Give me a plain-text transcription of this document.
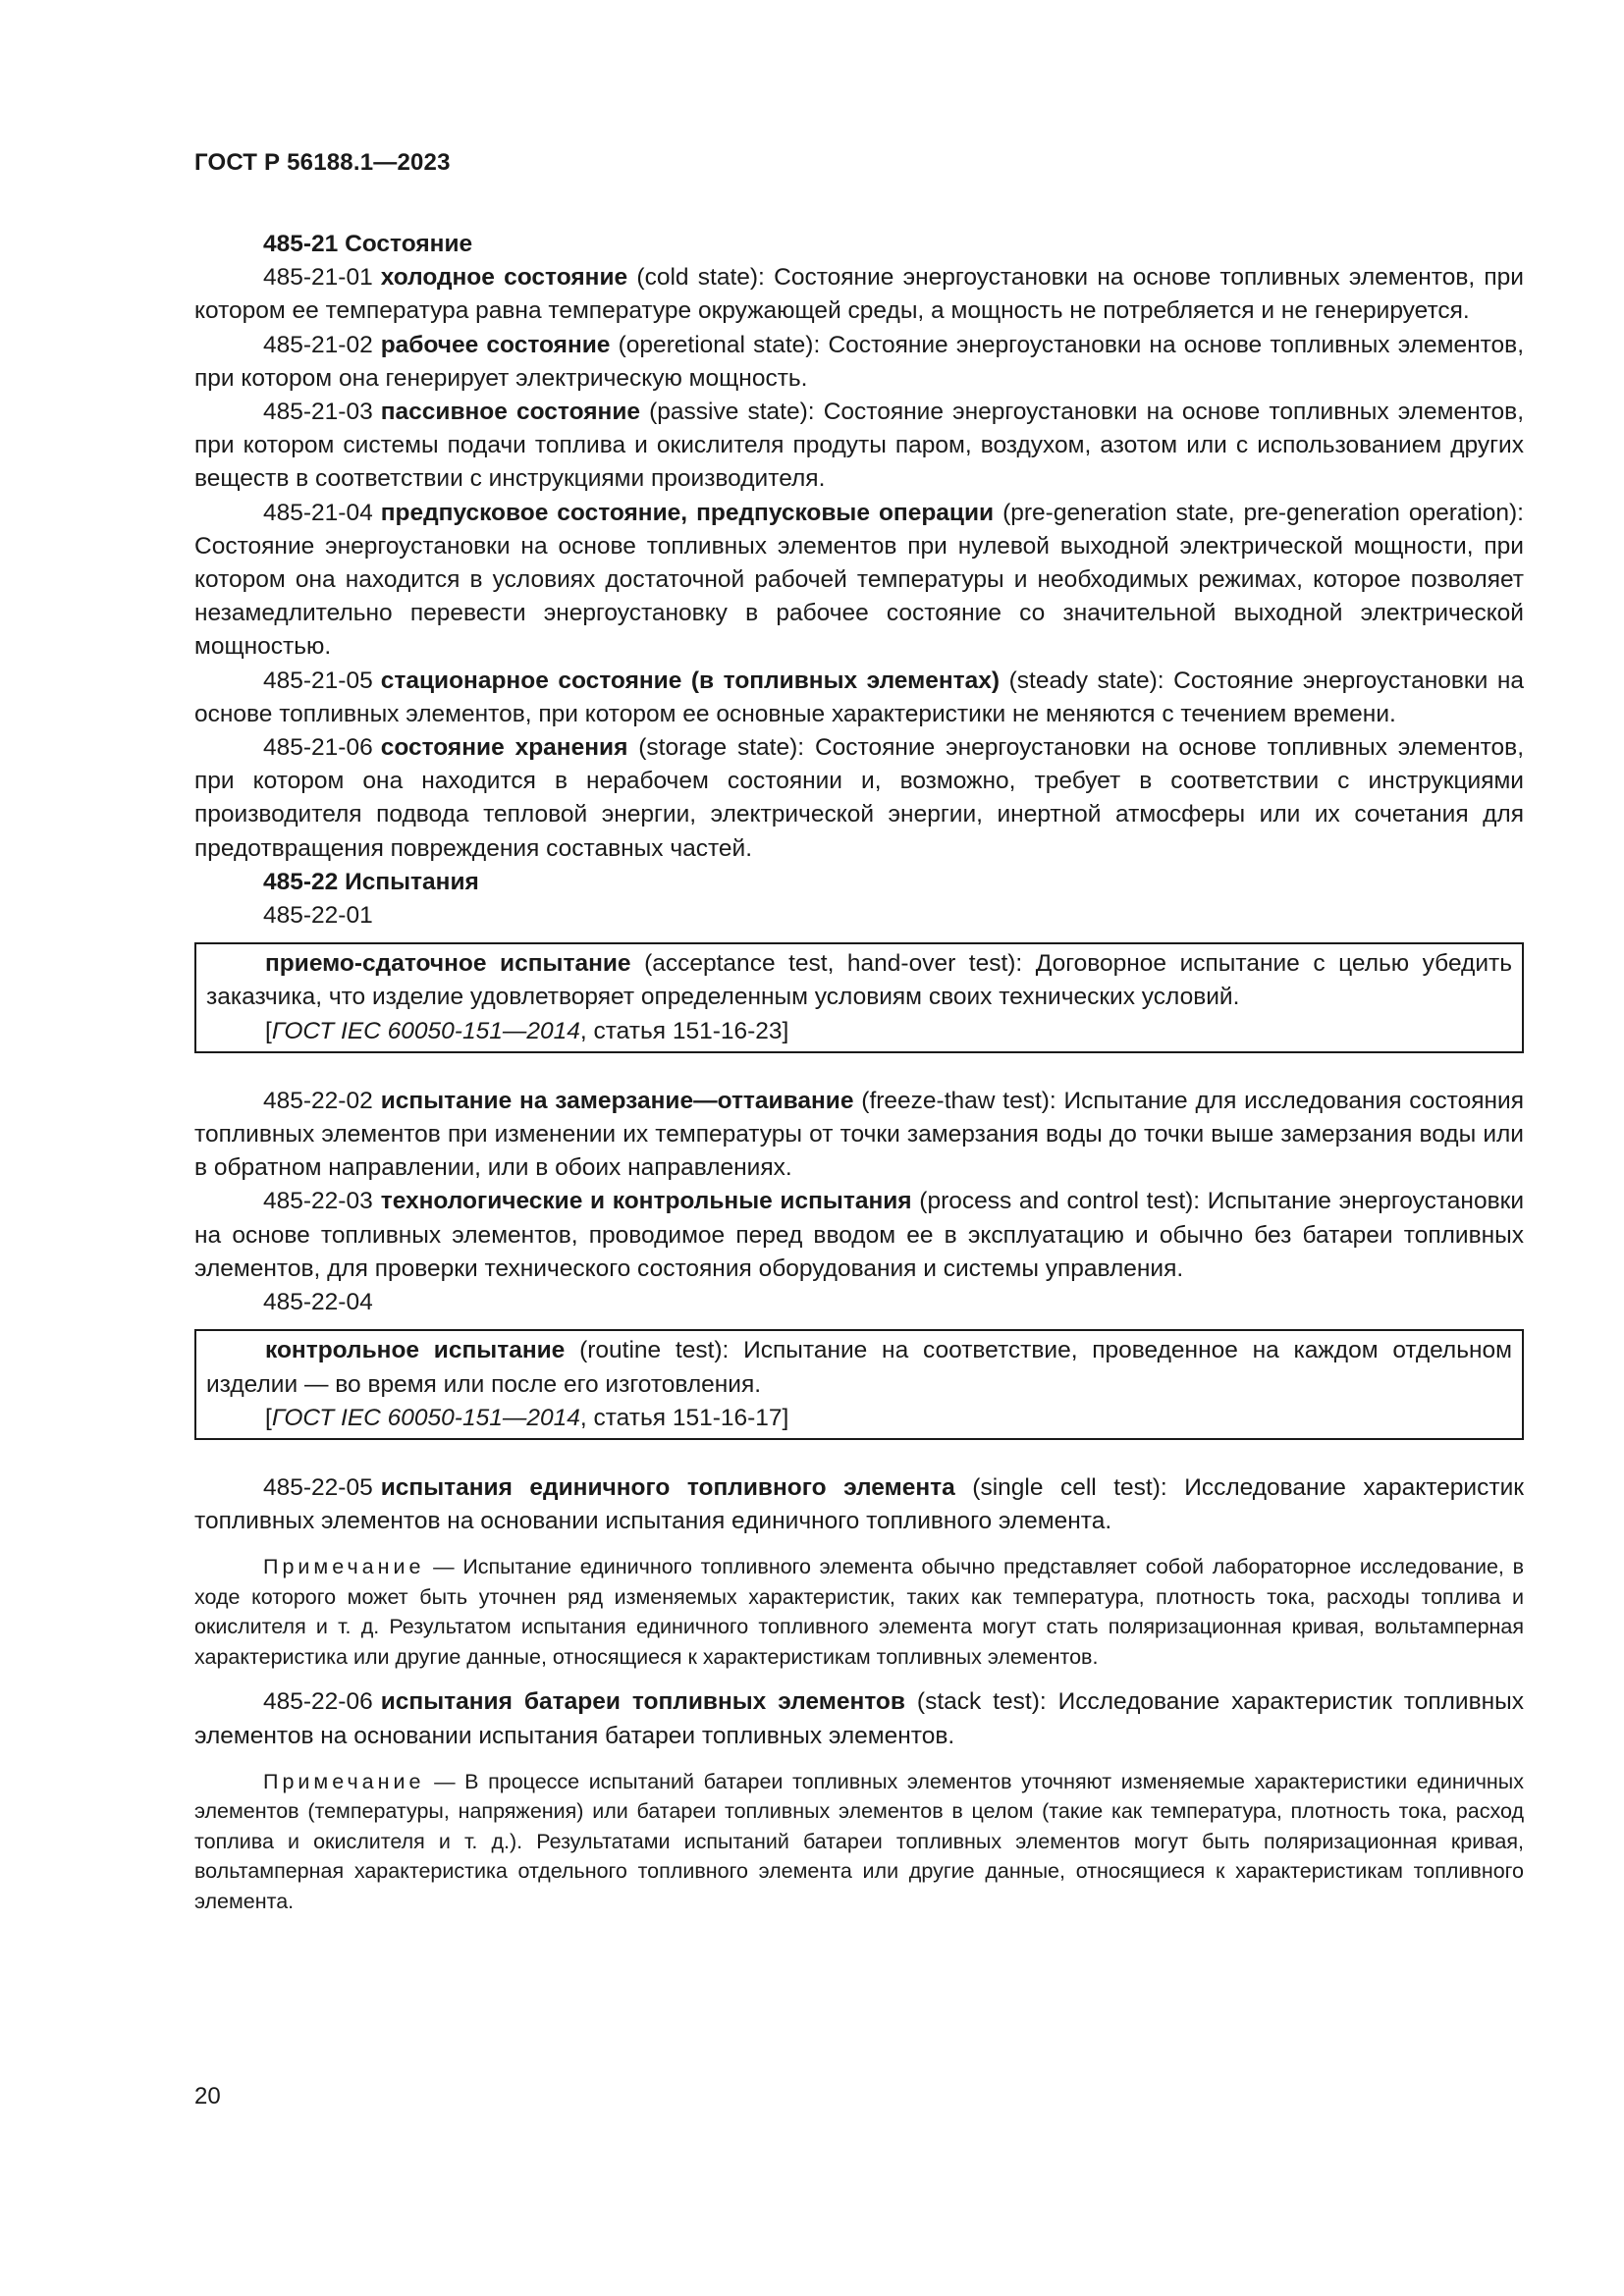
ГОСТ Р 56188.1—2023

485-21 Состояние

485-21-01 холодное состояние (cold state): Состояние энергоустановки на основе топливных элементов, при котором ее температура равна температуре окружающей среды, а мощность не потребляется и не генерируется.

485-21-02 рабочее состояние (operetional state): Состояние энергоустановки на основе топливных элементов, при котором она генерирует электрическую мощность.

485-21-03 пассивное состояние (passive state): Состояние энергоустановки на основе топливных элементов, при котором системы подачи топлива и окислителя продуты паром, воздухом, азотом или с использованием других веществ в соответствии с инструкциями производителя.

485-21-04 предпусковое состояние, предпусковые операции (pre-generation state, pre-generation operation): Состояние энергоустановки на основе топливных элементов при нулевой выходной электрической мощности, при котором она находится в условиях достаточной рабочей температуры и необходимых режимах, которое позволяет незамедлительно перевести энергоустановку в рабочее состояние со значительной выходной электрической мощностью.

485-21-05 стационарное состояние (в топливных элементах) (steady state): Состояние энергоустановки на основе топливных элементов, при котором ее основные характеристики не меняются с течением времени.

485-21-06 состояние хранения (storage state): Состояние энергоустановки на основе топливных элементов, при котором она находится в нерабочем состоянии и, возможно, требует в соответствии с инструкциями производителя подвода тепловой энергии, электрической энергии, инертной атмосферы или их сочетания для предотвращения повреждения составных частей.

485-22 Испытания

485-22-01

приемо-сдаточное испытание (acceptance test, hand-over test): Договорное испытание с целью убедить заказчика, что изделие удовлетворяет определенным условиям своих технических условий.

[ГОСТ IEC 60050-151—2014, статья 151-16-23]

485-22-02 испытание на замерзание—оттаивание (freeze-thaw test): Испытание для исследования состояния топливных элементов при изменении их температуры от точки замерзания воды до точки выше замерзания воды или в обратном направлении, или в обоих направлениях.

485-22-03 технологические и контрольные испытания (process and control test): Испытание энергоустановки на основе топливных элементов, проводимое перед вводом ее в эксплуатацию и обычно без батареи топливных элементов, для проверки технического состояния оборудования и системы управления.

485-22-04

контрольное испытание (routine test): Испытание на соответствие, проведенное на каждом отдельном изделии — во время или после его изготовления.

[ГОСТ IEC 60050-151—2014, статья 151-16-17]

485-22-05 испытания единичного топливного элемента (single cell test): Исследование характеристик топливных элементов на основании испытания единичного топливного элемента.

Примечание — Испытание единичного топливного элемента обычно представляет собой лабораторное исследование, в ходе которого может быть уточнен ряд изменяемых характеристик, таких как температура, плотность тока, расходы топлива и окислителя и т. д. Результатом испытания единичного топливного элемента могут стать поляризационная кривая, вольтамперная характеристика или другие данные, относящиеся к характеристикам топливных элементов.

485-22-06 испытания батареи топливных элементов (stack test): Исследование характеристик топливных элементов на основании испытания батареи топливных элементов.

Примечание — В процессе испытаний батареи топливных элементов уточняют изменяемые характеристики единичных элементов (температуры, напряжения) или батареи топливных элементов в целом (такие как температура, плотность тока, расход топлива и окислителя и т. д.). Результатами испытаний батареи топливных элементов могут быть поляризационная кривая, вольтамперная характеристика отдельного топливного элемента или другие данные, относящиеся к характеристикам топливного элемента.

20
